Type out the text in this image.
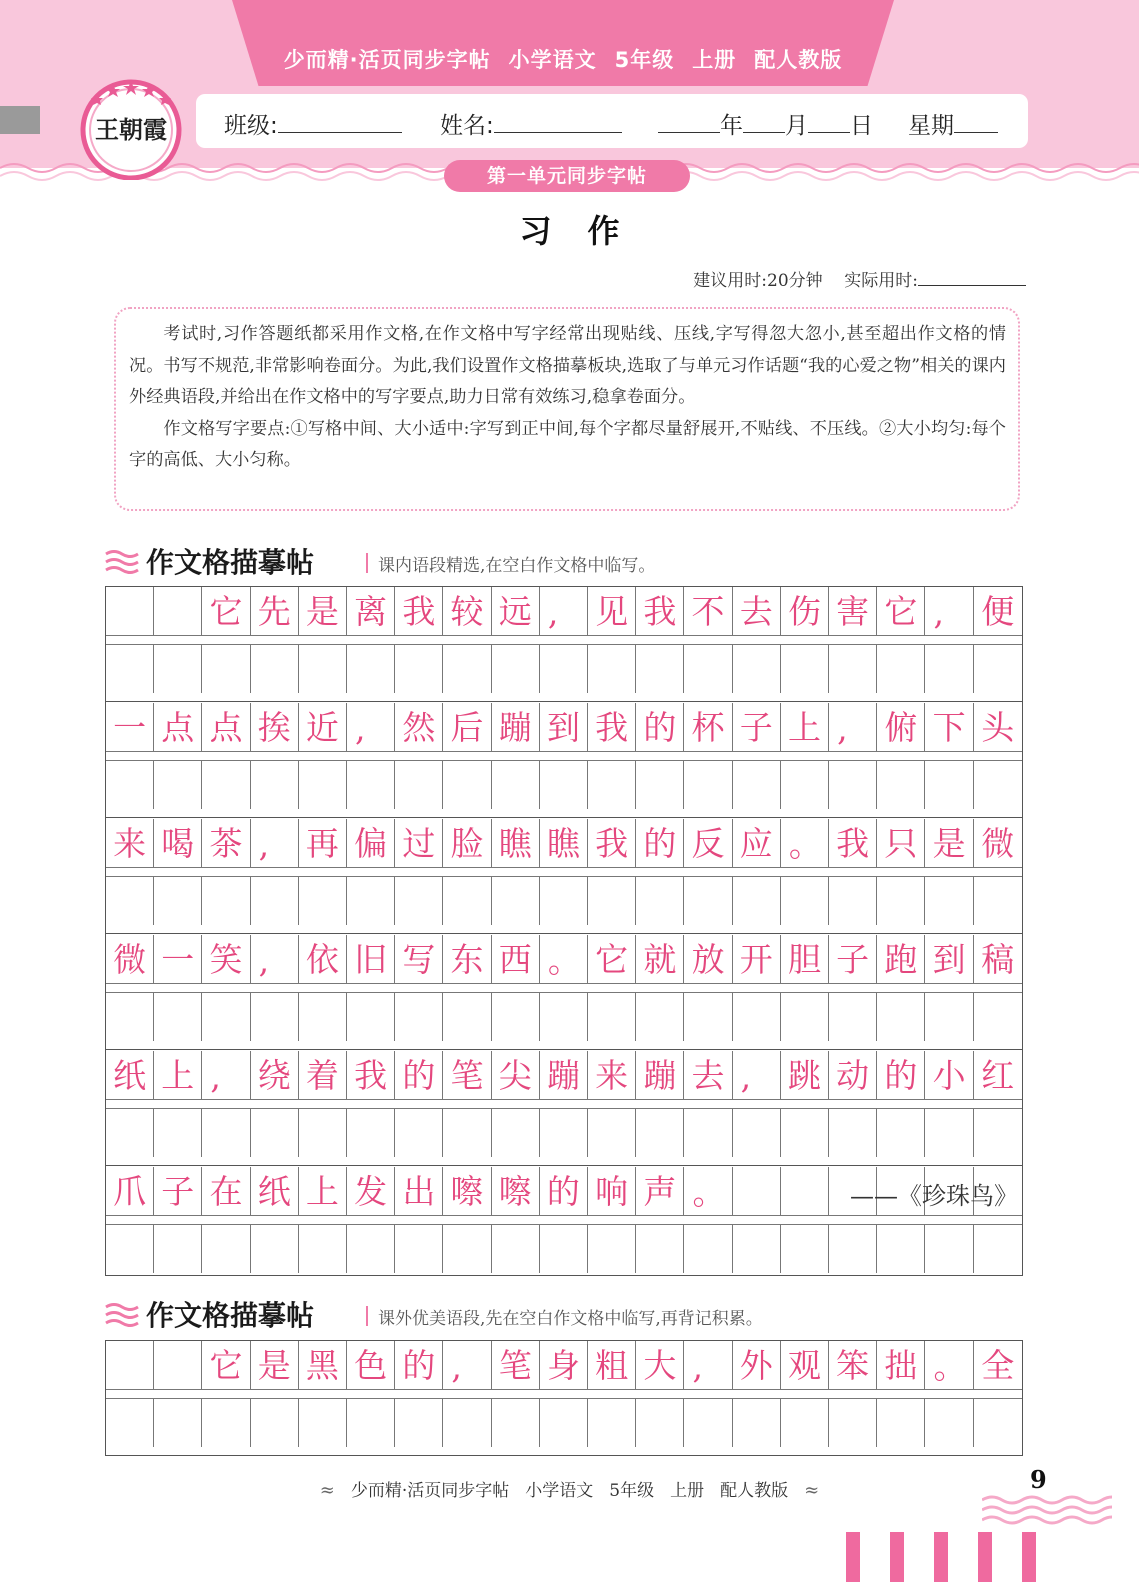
少而精·活页同步字帖 小学语文 5年级 上册 配人教版
王朝霞 班级:	姓名:	年 月 日 星期
第一单元同步字帖
习 作
建议用时:20分钟 实际用时:

考试时,习作答题纸都采用作文格,在作文格中写字经常出现贴线、压线,字写得忽大忽小,甚至超出作文格的情况。书写不规范,非常影响卷面分。为此,我们设置作文格描摹板块,选取了与单元习作话题“我的心爱之物”相关的课内外经典语段,并给出在作文格中的写字要点,助力日常有效练习,稳拿卷面分。

作文格写字要点:①写格中间、大小适中:字写到正中间,每个字都尽量舒展开,不贴线、不压线。②大小均匀:每个字的高低、大小匀称。

作文格描摹帖	课内语段精选,在空白作文格中临写。
它 先 是 离 我 较 远 ,	见 我 不 去 伤 害 它 ,	便
一 点 点 挨 近 ,	然 后 蹦 到 我 的 杯 子 上 ,	俯 下 头
来 喝 茶 ,	再 偏 过 脸 瞧 瞧 我 的 反 应 。 我 只 是 微
微 一 笑 ,	依 旧 写 东 西 。 它 就 放 开 胆 子 跑 到 稿
纸 上 ,	绕 着 我 的 笔 尖 蹦 来 蹦 去 ,	跳 动 的 小 红
爪 子 在 纸 上 发 出 嚓 嚓 的 响 声 。	——《珍珠鸟》
作文格描摹帖	课外优美语段,先在空白作文格中临写,再背记积累。
它 是 黑 色 的 ,	笔 身 粗 大 ,	外 观 笨 拙 。 全
≈ 少而精·活页同步字帖 小学语文 5年级 上册 配人教版 ≈	9
